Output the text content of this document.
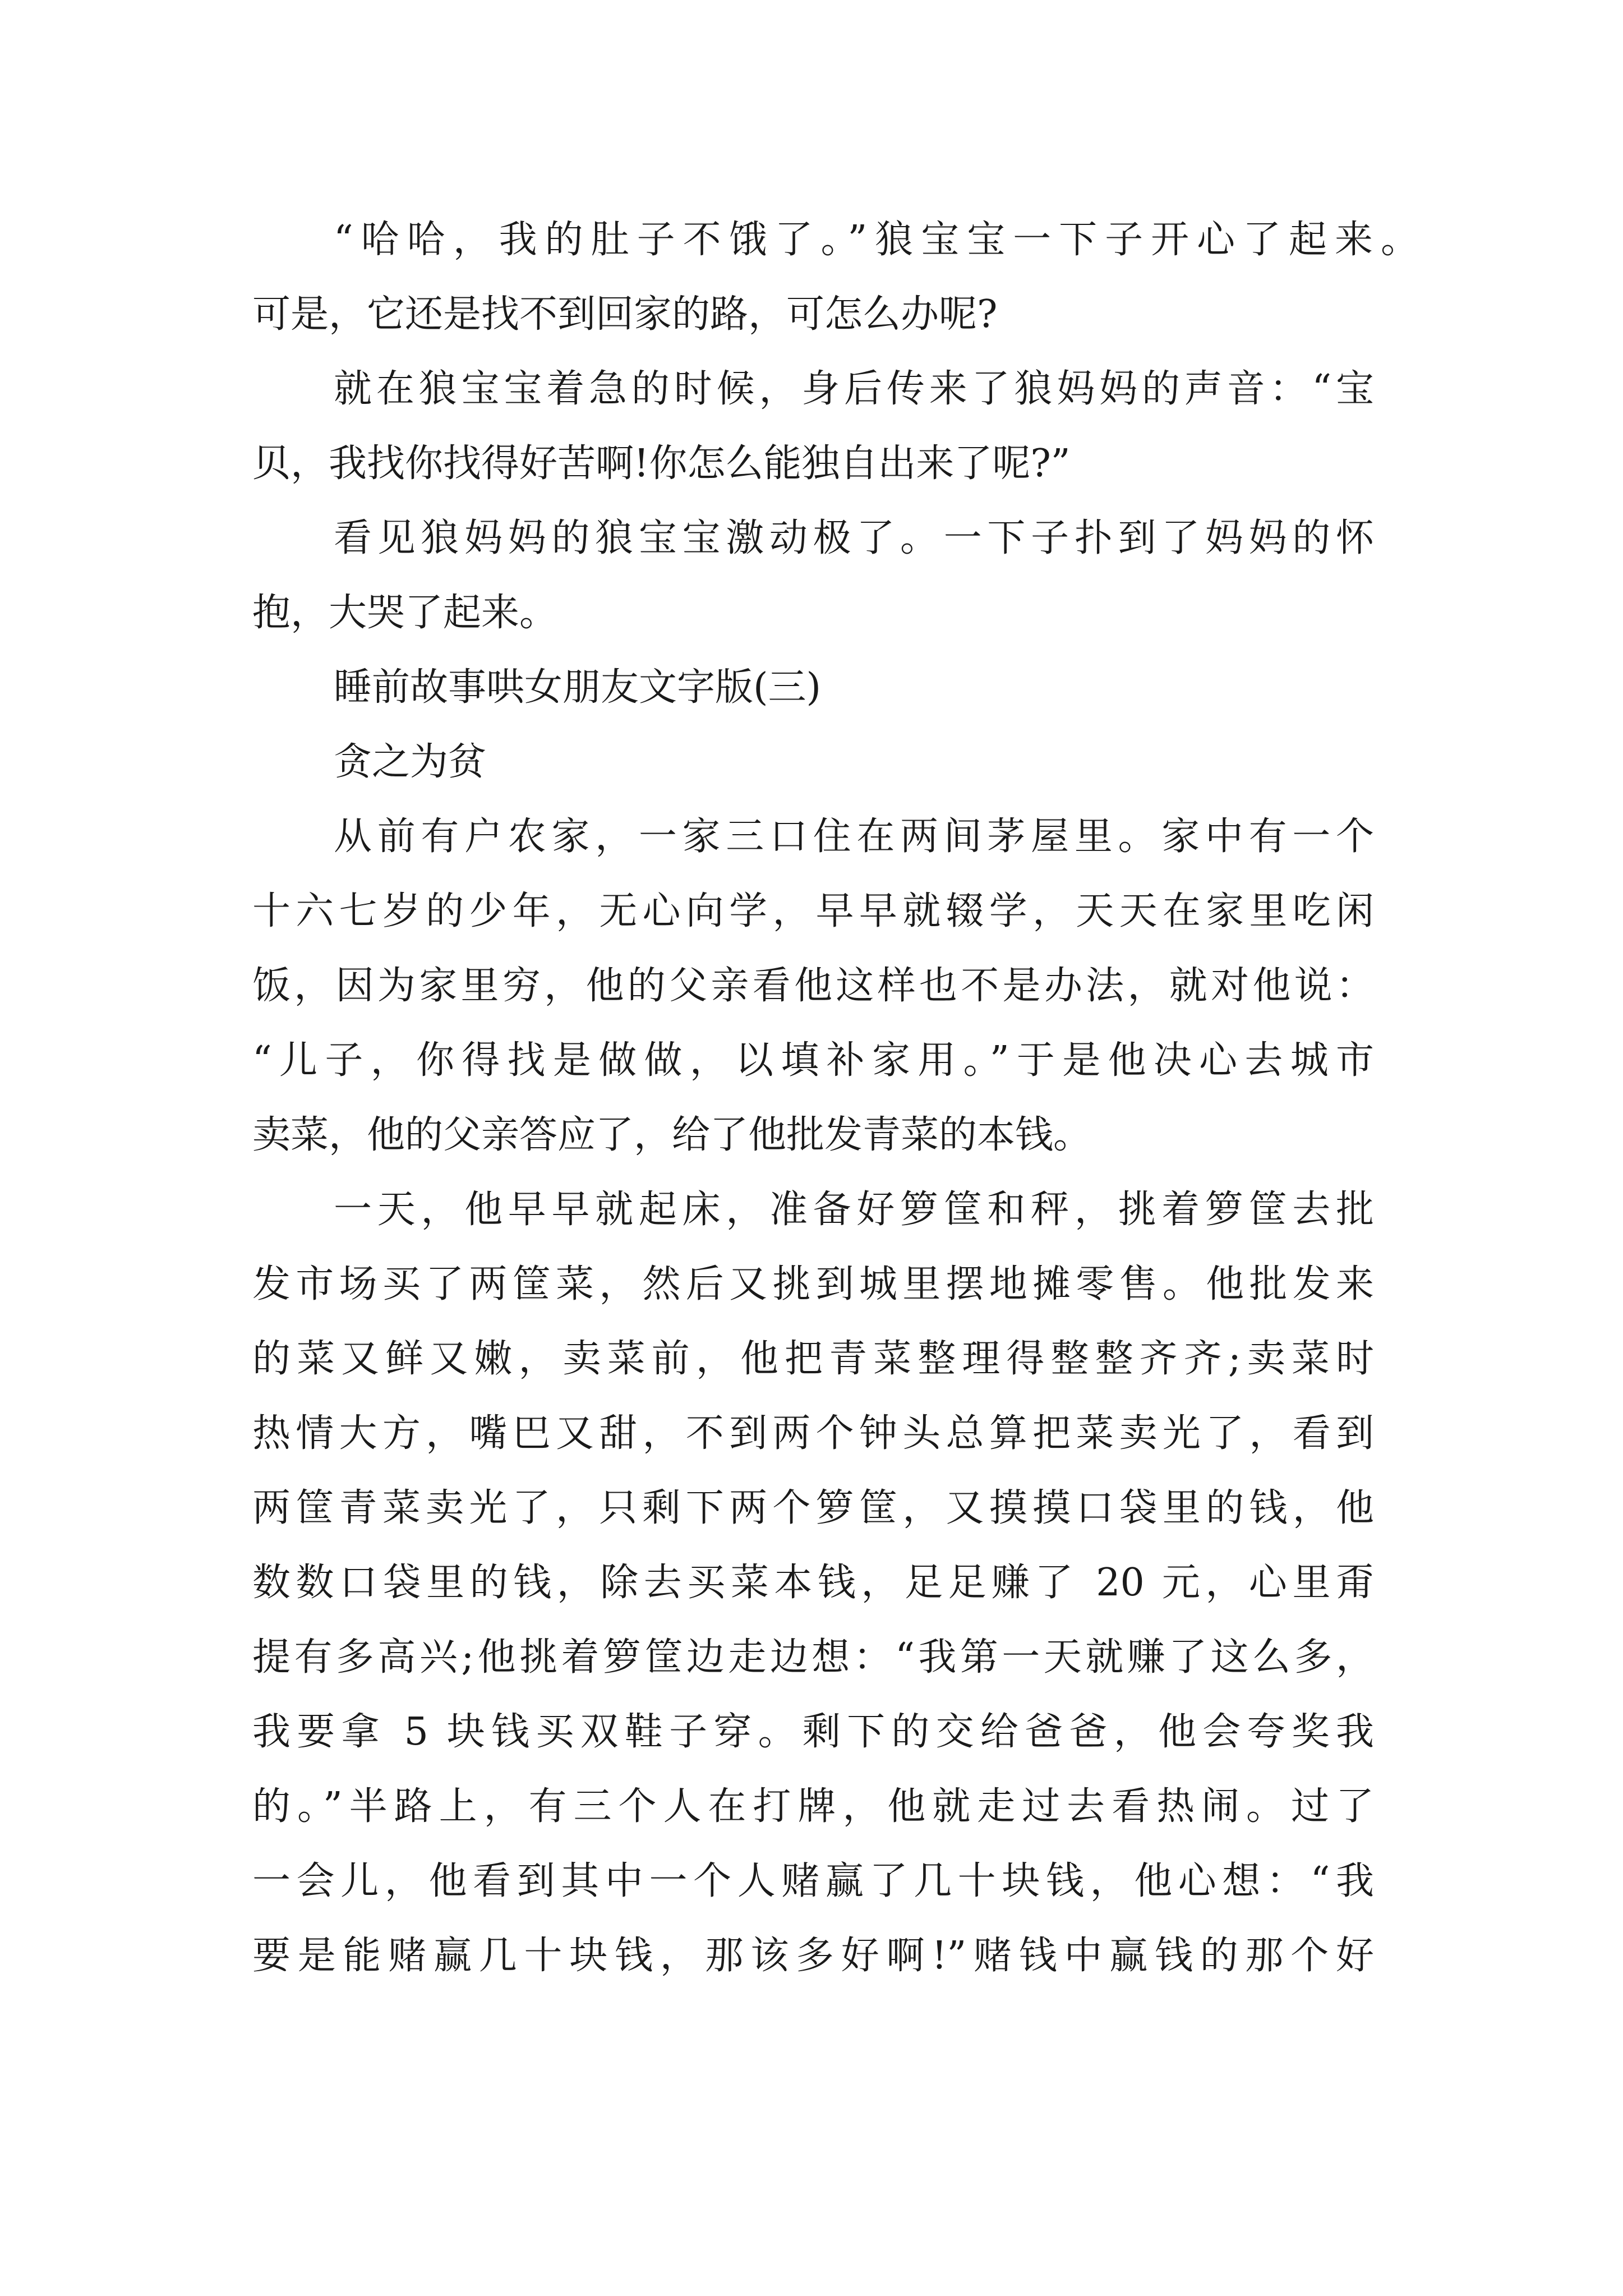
“哈哈，我的肚子不饿了。”狼宝宝一下子开心了起来。

可是，它还是找不到回家的路，可怎么办呢?

就在狼宝宝着急的时候，身后传来了狼妈妈的声音：“宝

贝，我找你找得好苦啊!你怎么能独自出来了呢?”

看见狼妈妈的狼宝宝激动极了。一下子扑到了妈妈的怀

抱，大哭了起来。

睡前故事哄女朋友文字版(三)

贪之为贫

从前有户农家，一家三口住在两间茅屋里。家中有一个

十六七岁的少年，无心向学，早早就辍学，天天在家里吃闲

饭，因为家里穷，他的父亲看他这样也不是办法，就对他说：

“儿子，你得找是做做，以填补家用。”于是他决心去城市

卖菜，他的父亲答应了，给了他批发青菜的本钱。

一天，他早早就起床，准备好箩筐和秤，挑着箩筐去批

发市场买了两筐菜，然后又挑到城里摆地摊零售。他批发来

的菜又鲜又嫩，卖菜前，他把青菜整理得整整齐齐;卖菜时

热情大方，嘴巴又甜，不到两个钟头总算把菜卖光了，看到

两筐青菜卖光了，只剩下两个箩筐，又摸摸口袋里的钱，他

数数口袋里的钱，除去买菜本钱，足足赚了 20 元，心里甭

提有多高兴;他挑着箩筐边走边想：“我第一天就赚了这么多，

我要拿 5 块钱买双鞋子穿。剩下的交给爸爸，他会夸奖我

的。”半路上，有三个人在打牌，他就走过去看热闹。过了

一会儿，他看到其中一个人赌赢了几十块钱，他心想：“我

要是能赌赢几十块钱，那该多好啊!”赌钱中赢钱的那个好
